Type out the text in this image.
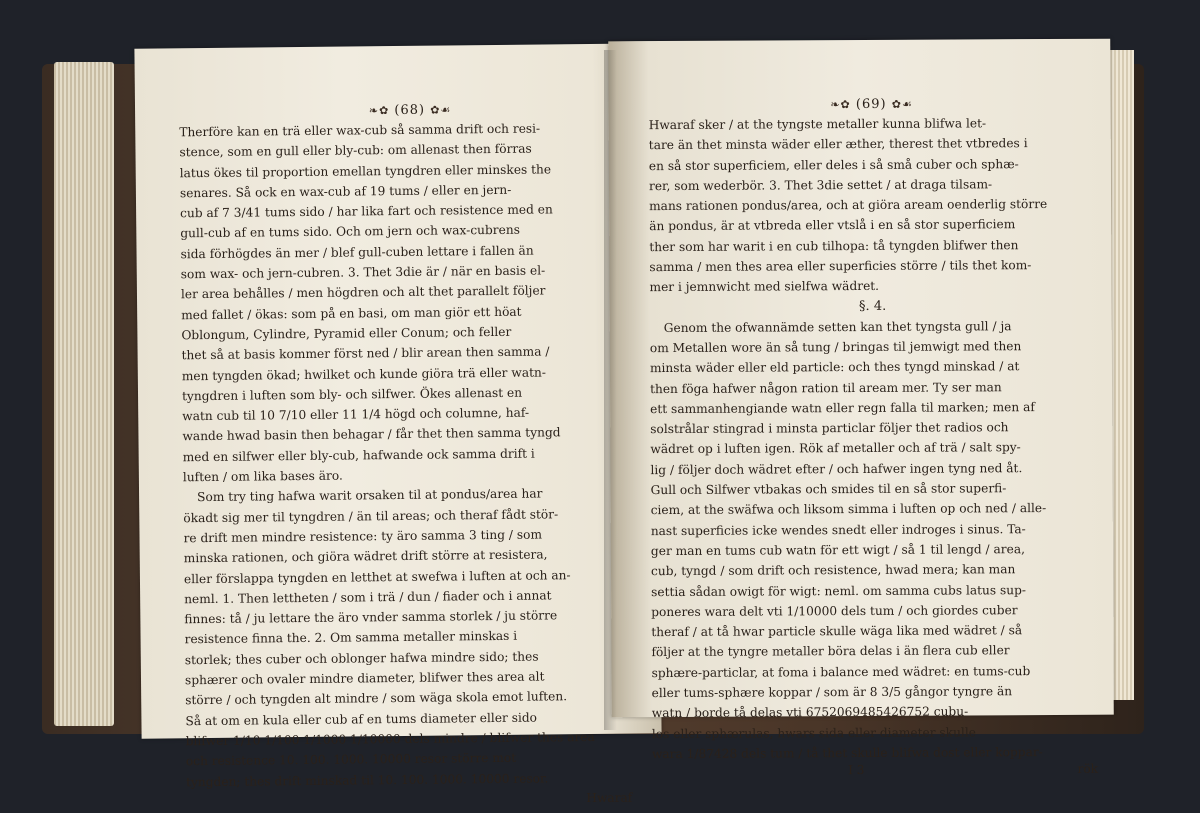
❧✿ (68) ✿☙
Therföre kan en trä eller wax-cub så samma drift och resi-
stence, som en gull eller bly-cub: om allenast then förras
latus ökes til proportion emellan tyngdren eller minskes the
senares. Så ock en wax-cub af 19 tums / eller en jern-
cub af 7 3/41 tums sido / har lika fart och resistence med en
gull-cub af en tums sido. Och om jern och wax-cubrens
sida förhögdes än mer / blef gull-cuben lettare i fallen än
som wax- och jern-cubren. 3. Thet 3die är / när en basis el-
ler area behålles / men högdren och alt thet parallelt följer
med fallet / ökas: som på en basi, om man giör ett höat
Oblongum, Cylindre, Pyramid eller Conum; och feller
thet så at basis kommer först ned / blir arean then samma /
men tyngden ökad; hwilket och kunde giöra trä eller watn-
tyngdren i luften som bly- och silfwer. Ökes allenast en
watn cub til 10 7/10 eller 11 1/4 högd och columne, haf-
wande hwad basin then behagar / får thet then samma tyngd
med en silfwer eller bly-cub, hafwande ock samma drift i
luften / om lika bases äro.
Som try ting hafwa warit orsaken til at pondus/area har
ökadt sig mer til tyngdren / än til areas; och theraf fådt stör-
re drift men mindre resistence: ty äro samma 3 ting / som
minska rationen, och giöra wädret drift större at resistera,
eller förslappa tyngden en letthet at swefwa i luften at och an-
neml. 1. Then lettheten / som i trä / dun / fiader och i annat
finnes: tå / ju lettare the äro vnder samma storlek / ju större
resistence finna the. 2. Om samma metaller minskas i
storlek; thes cuber och oblonger hafwa mindre sido; thes
sphærer och ovaler mindre diameter, blifwer thes area alt
större / och tyngden alt mindre / som wäga skola emot luften.
Så at om en kula eller cub af en tums diameter eller sido
blifwer 1/10 1/100 1/1000 1/10000 dels mindre / blifwer thes area
och resistence 10. 100. 1000. 10000 resor större mot
tyngden; thes drift minskad til 10. 100. 1000. 10000 resor.
Hwaraf
❧✿ (69) ✿☙
Hwaraf sker / at the tyngste metaller kunna blifwa let-
tare än thet minsta wäder eller æther, therest thet vtbredes i
en så stor superficiem, eller deles i så små cuber och sphæ-
rer, som wederbör. 3. Thet 3die settet / at draga tilsam-
mans rationen pondus/area, och at giöra aream oenderlig större
än pondus, är at vtbreda eller vtslå i en så stor superficiem
ther som har warit i en cub tilhopa: tå tyngden blifwer then
samma / men thes area eller superficies större / tils thet kom-
mer i jemnwicht med sielfwa wädret.
§. 4.
Genom the ofwannämde setten kan thet tyngsta gull / ja
om Metallen wore än så tung / bringas til jemwigt med then
minsta wäder eller eld particle: och thes tyngd minskad / at
then föga hafwer någon ration til aream mer. Ty ser man
ett sammanhengiande watn eller regn falla til marken; men af
solstrålar stingrad i minsta particlar följer thet radios och
wädret op i luften igen. Rök af metaller och af trä / salt spy-
lig / följer doch wädret efter / och hafwer ingen tyng ned åt.
Gull och Silfwer vtbakas och smides til en så stor superfi-
ciem, at the swäfwa och liksom simma i luften op och ned / alle-
nast superficies icke wendes snedt eller indroges i sinus. Ta-
ger man en tums cub watn för ett wigt / så 1 til lengd / area,
cub, tyngd / som drift och resistence, hwad mera; kan man
settia sådan owigt för wigt: neml. om samma cubs latus sup-
poneres wara delt vti 1/10000 dels tum / och giordes cuber
theraf / at tå hwar particle skulle wäga lika med wädret / så
följer at the tyngre metaller böra delas i än flera cub eller
sphære-particlar, at foma i balance med wädret: en tums-cub
eller tums-sphære koppar / som är 8 3/5 gångor tyngre än
watn / borde tå delas vti 6752069485426752 cubu-
los eller sphærulas, hwars sida eller diameter skulle
wara 1/87428 dels tum / tå thet skulle blifwa dost eller koppar-
I 3	rök
